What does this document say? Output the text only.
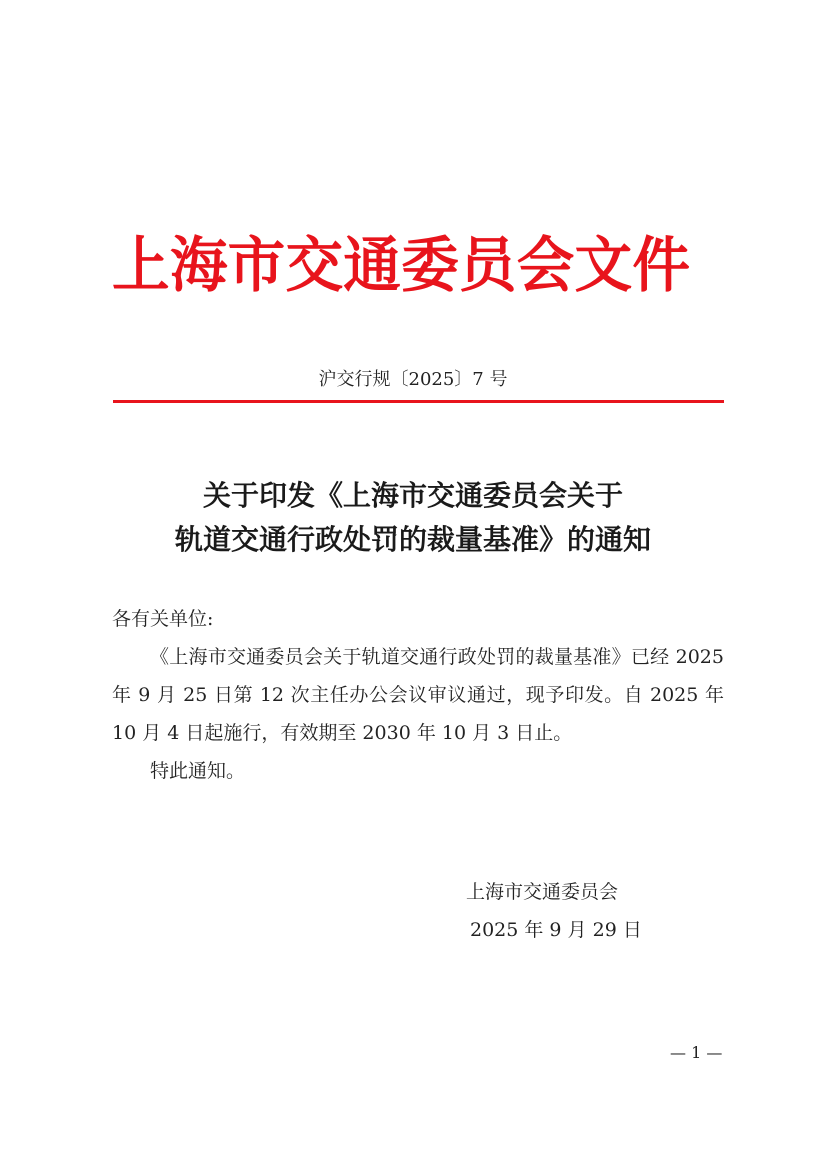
上海市交通委员会文件
沪交行规〔2025〕7 号
关于印发《上海市交通委员会关于
轨道交通行政处罚的裁量基准》的通知

各有关单位:

《上海市交通委员会关于轨道交通行政处罚的裁量基准》已经 2025 年 9 月 25 日第 12 次主任办公会议审议通过，现予印发。自 2025 年 10 月 4 日起施行，有效期至 2030 年 10 月 3 日止。

特此通知。

上海市交通委员会
2025 年 9 月 29 日
— 1 —
